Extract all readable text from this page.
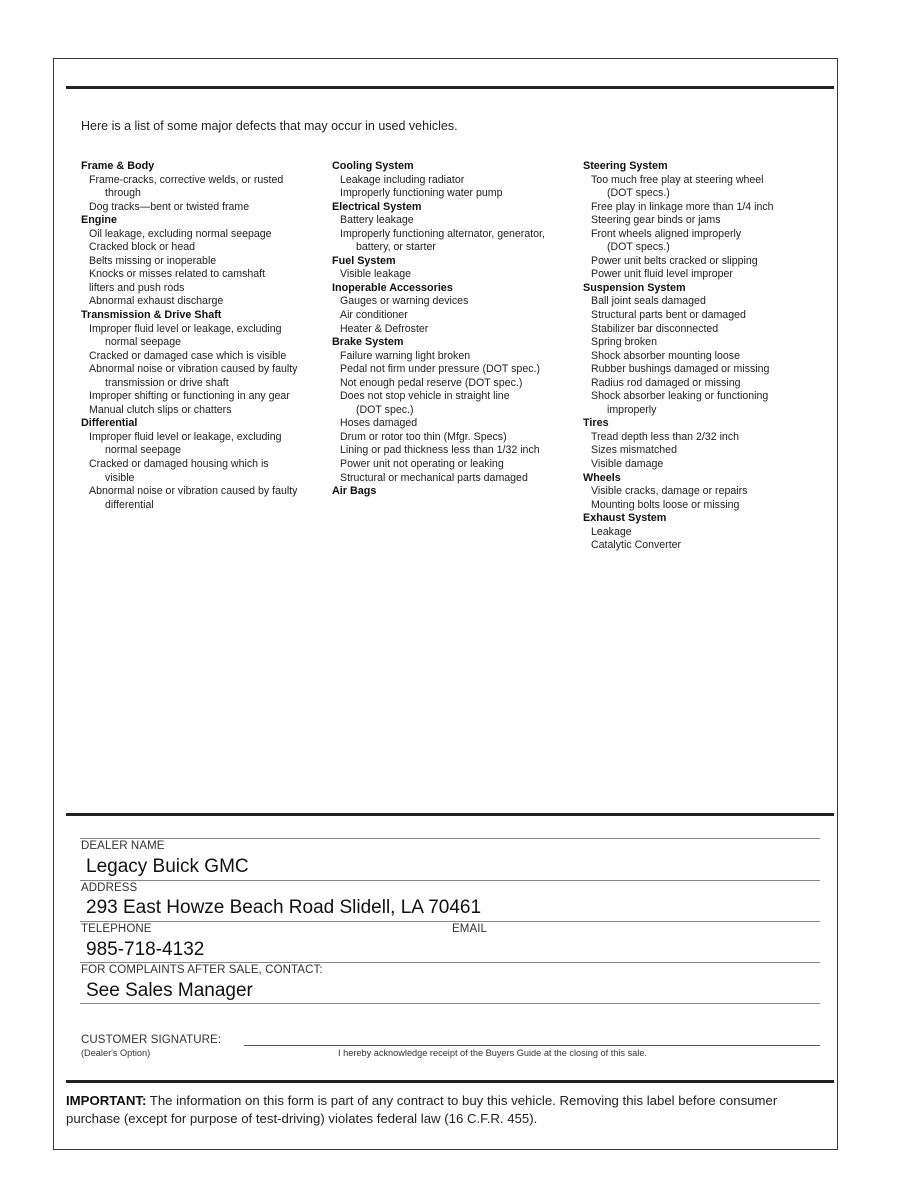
Here is a list of some major defects that may occur in used vehicles.
Frame & Body
Frame-cracks, corrective welds, or rusted
through
Dog tracks—bent or twisted frame
Engine
Oil leakage, excluding normal seepage
Cracked block or head
Belts missing or inoperable
Knocks or misses related to camshaft
lifters and push rods
Abnormal exhaust discharge
Transmission & Drive Shaft
Improper fluid level or leakage, excluding
normal seepage
Cracked or damaged case which is visible
Abnormal noise or vibration caused by faulty
transmission or drive shaft
Improper shifting or functioning in any gear
Manual clutch slips or chatters
Differential
Improper fluid level or leakage, excluding
normal seepage
Cracked or damaged housing which is
visible
Abnormal noise or vibration caused by faulty
differential
Cooling System
Leakage including radiator
Improperly functioning water pump
Electrical System
Battery leakage
Improperly functioning alternator, generator,
battery, or starter
Fuel System
Visible leakage
Inoperable Accessories
Gauges or warning devices
Air conditioner
Heater & Defroster
Brake System
Failure warning light broken
Pedal not firm under pressure (DOT spec.)
Not enough pedal reserve (DOT spec.)
Does not stop vehicle in straight line
(DOT spec.)
Hoses damaged
Drum or rotor too thin (Mfgr. Specs)
Lining or pad thickness less than 1/32 inch
Power unit not operating or leaking
Structural or mechanical parts damaged
Air Bags
Steering System
Too much free play at steering wheel
(DOT specs.)
Free play in linkage more than 1/4 inch
Steering gear binds or jams
Front wheels aligned improperly
(DOT specs.)
Power unit belts cracked or slipping
Power unit fluid level improper
Suspension System
Ball joint seals damaged
Structural parts bent or damaged
Stabilizer bar disconnected
Spring broken
Shock absorber mounting loose
Rubber bushings damaged or missing
Radius rod damaged or missing
Shock absorber leaking or functioning
improperly
Tires
Tread depth less than 2/32 inch
Sizes mismatched
Visible damage
Wheels
Visible cracks, damage or repairs
Mounting bolts loose or missing
Exhaust System
Leakage
Catalytic Converter
DEALER NAME
Legacy Buick GMC
ADDRESS
293 East Howze Beach Road Slidell, LA 70461
TELEPHONE	EMAIL
985-718-4132
FOR COMPLAINTS AFTER SALE, CONTACT:
See Sales Manager
CUSTOMER SIGNATURE:
(Dealer's Option)	I hereby acknowledge receipt of the Buyers Guide at the closing of this sale.
IMPORTANT: The information on this form is part of any contract to buy this vehicle. Removing this label before consumer purchase (except for purpose of test-driving) violates federal law (16 C.F.R. 455).
